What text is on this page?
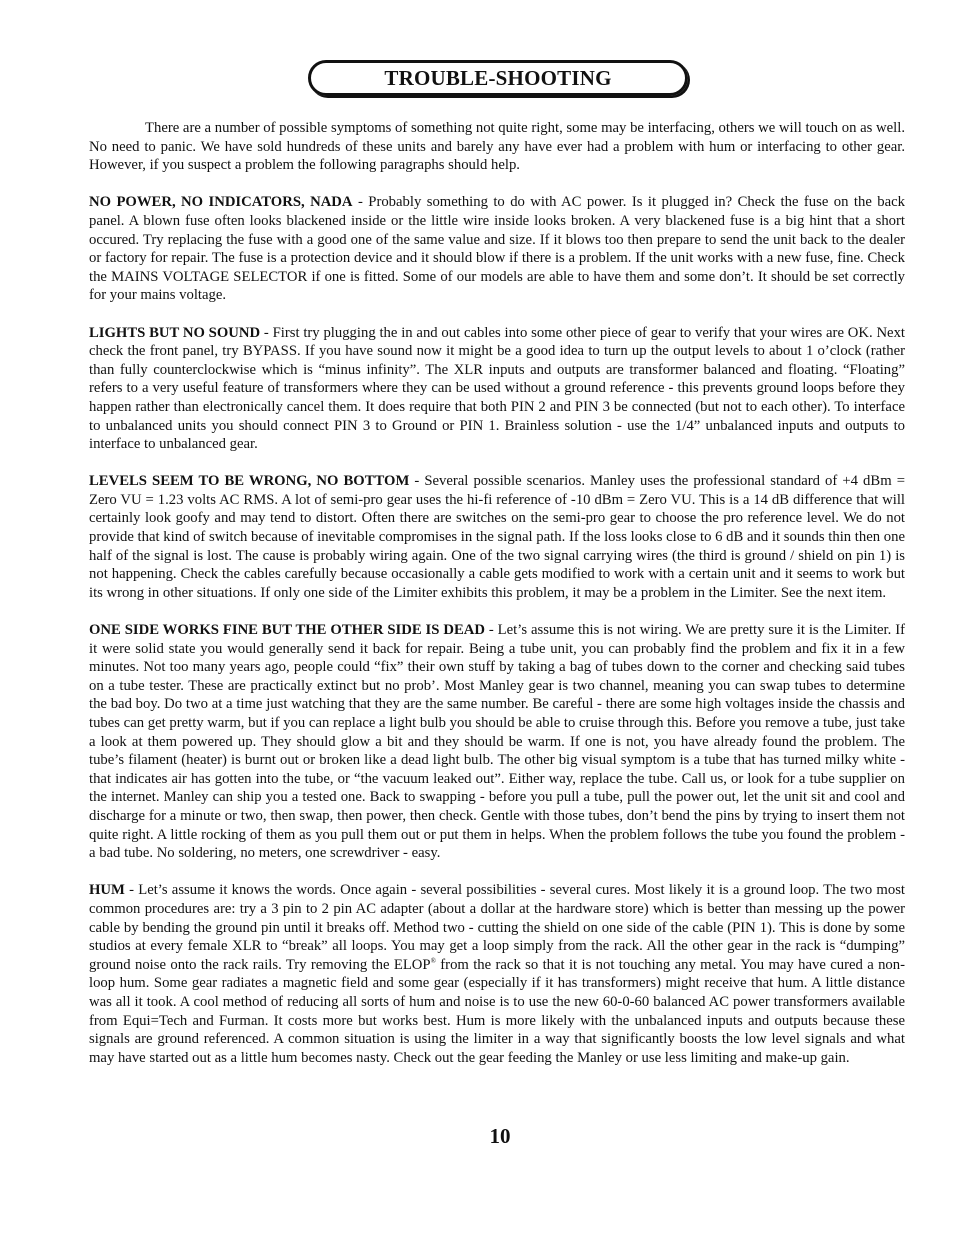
TROUBLE-SHOOTING

There are a number of possible symptoms of something not quite right, some may be interfacing, others we will touch on as well. No need to panic. We have sold hundreds of these units and barely any have ever had a problem with hum or interfacing to other gear. However, if you suspect a problem the following paragraphs should help.

NO POWER, NO INDICATORS, NADA - Probably something to do with AC power. Is it plugged in? Check the fuse on the back panel. A blown fuse often looks blackened inside or the little wire inside looks broken. A very blackened fuse is a big hint that a short occured. Try replacing the fuse with a good one of the same value and size. If it blows too then prepare to send the unit back to the dealer or factory for repair. The fuse is a protection device and it should blow if there is a problem. If the unit works with a new fuse, fine. Check the MAINS VOLTAGE SELECTOR if one is fitted. Some of our models are able to have them and some don’t. It should be set correctly for your mains voltage.

LIGHTS BUT NO SOUND - First try plugging the in and out cables into some other piece of gear to verify that your wires are OK. Next check the front panel, try BYPASS. If you have sound now it might be a good idea to turn up the output levels to about 1 o’clock (rather than fully counterclockwise which is “minus infinity”. The XLR inputs and outputs are transformer balanced and floating. “Floating” refers to a very useful feature of transformers where they can be used without a ground reference - this prevents ground loops before they happen rather than electronically cancel them. It does require that both PIN 2 and PIN 3 be connected (but not to each other). To interface to unbalanced units you should connect PIN 3 to Ground or PIN 1. Brainless solution - use the 1/4” unbalanced inputs and outputs to interface to unbalanced gear.

LEVELS SEEM TO BE WRONG, NO BOTTOM - Several possible scenarios. Manley uses the professional standard of +4 dBm = Zero VU = 1.23 volts AC RMS. A lot of semi-pro gear uses the hi-fi reference of -10 dBm = Zero VU. This is a 14 dB difference that will certainly look goofy and may tend to distort. Often there are switches on the semi-pro gear to choose the pro reference level. We do not provide that kind of switch because of inevitable compromises in the signal path. If the loss looks close to 6 dB and it sounds thin then one half of the signal is lost. The cause is probably wiring again. One of the two signal carrying wires (the third is ground / shield on pin 1) is not happening. Check the cables carefully because occasionally a cable gets modified to work with a certain unit and it seems to work but its wrong in other situations. If only one side of the Limiter exhibits this problem, it may be a problem in the Limiter. See the next item.

ONE SIDE WORKS FINE BUT THE OTHER SIDE IS DEAD - Let’s assume this is not wiring. We are pretty sure it is the Limiter. If it were solid state you would generally send it back for repair. Being a tube unit, you can probably find the problem and fix it in a few minutes. Not too many years ago, people could “fix” their own stuff by taking a bag of tubes down to the corner and checking said tubes on a tube tester. These are practically extinct but no prob’. Most Manley gear is two channel, meaning you can swap tubes to determine the bad boy. Do two at a time just watching that they are the same number. Be careful - there are some high voltages inside the chassis and tubes can get pretty warm, but if you can replace a light bulb you should be able to cruise through this. Before you remove a tube, just take a look at them powered up. They should glow a bit and they should be warm. If one is not, you have already found the problem. The tube’s filament (heater) is burnt out or broken like a dead light bulb. The other big visual symptom is a tube that has turned milky white - that indicates air has gotten into the tube, or “the vacuum leaked out”. Either way, replace the tube. Call us, or look for a tube supplier on the internet. Manley can ship you a tested one. Back to swapping - before you pull a tube, pull the power out, let the unit sit and cool and discharge for a minute or two, then swap, then power, then check. Gentle with those tubes, don’t bend the pins by trying to insert them not quite right. A little rocking of them as you pull them out or put them in helps. When the problem follows the tube you found the problem - a bad tube. No soldering, no meters, one screwdriver - easy.

HUM - Let’s assume it knows the words. Once again - several possibilities - several cures. Most likely it is a ground loop. The two most common procedures are: try a 3 pin to 2 pin AC adapter (about a dollar at the hardware store) which is better than messing up the power cable by bending the ground pin until it breaks off. Method two - cutting the shield on one side of the cable (PIN 1). This is done by some studios at every female XLR to “break” all loops. You may get a loop simply from the rack. All the other gear in the rack is “dumping” ground noise onto the rack rails. Try removing the ELOP® from the rack so that it is not touching any metal. You may have cured a non-loop hum. Some gear radiates a magnetic field and some gear (especially if it has transformers) might receive that hum. A little distance was all it took. A cool method of reducing all sorts of hum and noise is to use the new 60-0-60 balanced AC power transformers available from Equi=Tech and Furman. It costs more but works best. Hum is more likely with the unbalanced inputs and outputs because these signals are ground referenced. A common situation is using the limiter in a way that significantly boosts the low level signals and what may have started out as a little hum becomes nasty. Check out the gear feeding the Manley or use less limiting and make-up gain.

10
